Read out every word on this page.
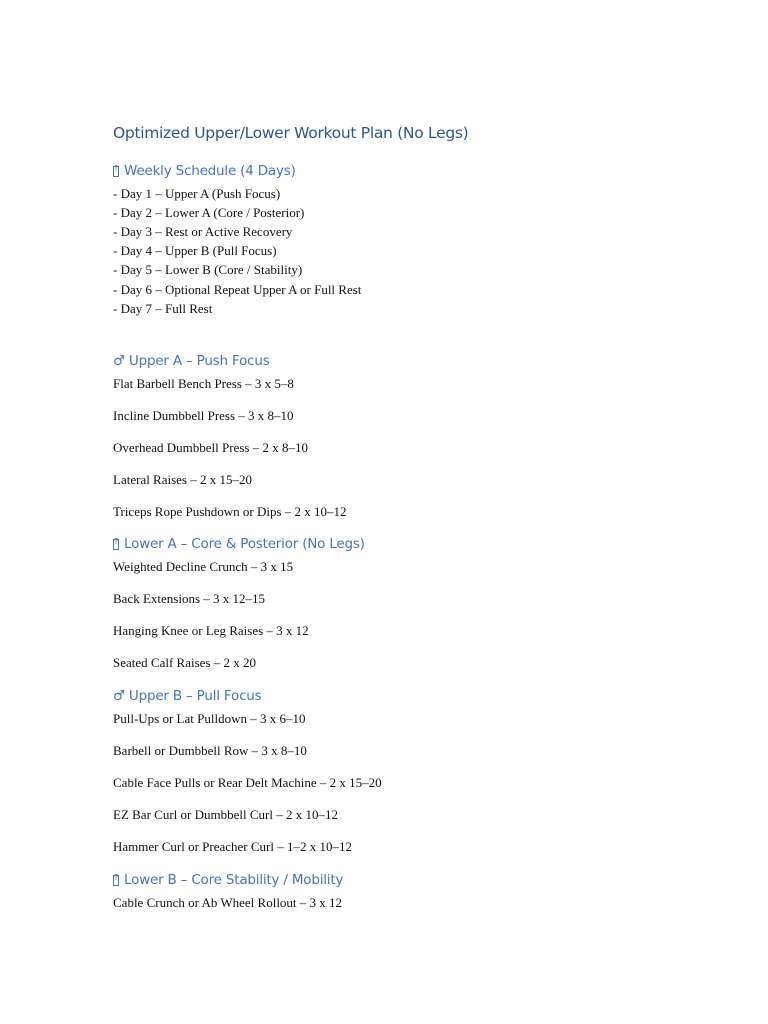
Optimized Upper/Lower Workout Plan (No Legs)
?
Weekly Schedule (4 Days)
- Day 1 – Upper A (Push Focus)
- Day 2 – Lower A (Core / Posterior)
- Day 3 – Rest or Active Recovery
- Day 4 – Upper B (Pull Focus)
- Day 5 – Lower B (Core / Stability)
- Day 6 – Optional Repeat Upper A or Full Rest
- Day 7 – Full Rest
♂ Upper A – Push Focus
Flat Barbell Bench Press – 3 x 5–8
Incline Dumbbell Press – 3 x 8–10
Overhead Dumbbell Press – 2 x 8–10
Lateral Raises – 2 x 15–20
Triceps Rope Pushdown or Dips – 2 x 10–12
?
Lower A – Core & Posterior (No Legs)
Weighted Decline Crunch – 3 x 15
Back Extensions – 3 x 12–15
Hanging Knee or Leg Raises – 3 x 12
Seated Calf Raises – 2 x 20
♂ Upper B – Pull Focus
Pull-Ups or Lat Pulldown – 3 x 6–10
Barbell or Dumbbell Row – 3 x 8–10
Cable Face Pulls or Rear Delt Machine – 2 x 15–20
EZ Bar Curl or Dumbbell Curl – 2 x 10–12
Hammer Curl or Preacher Curl – 1–2 x 10–12
?
Lower B – Core Stability / Mobility
Cable Crunch or Ab Wheel Rollout – 3 x 12
